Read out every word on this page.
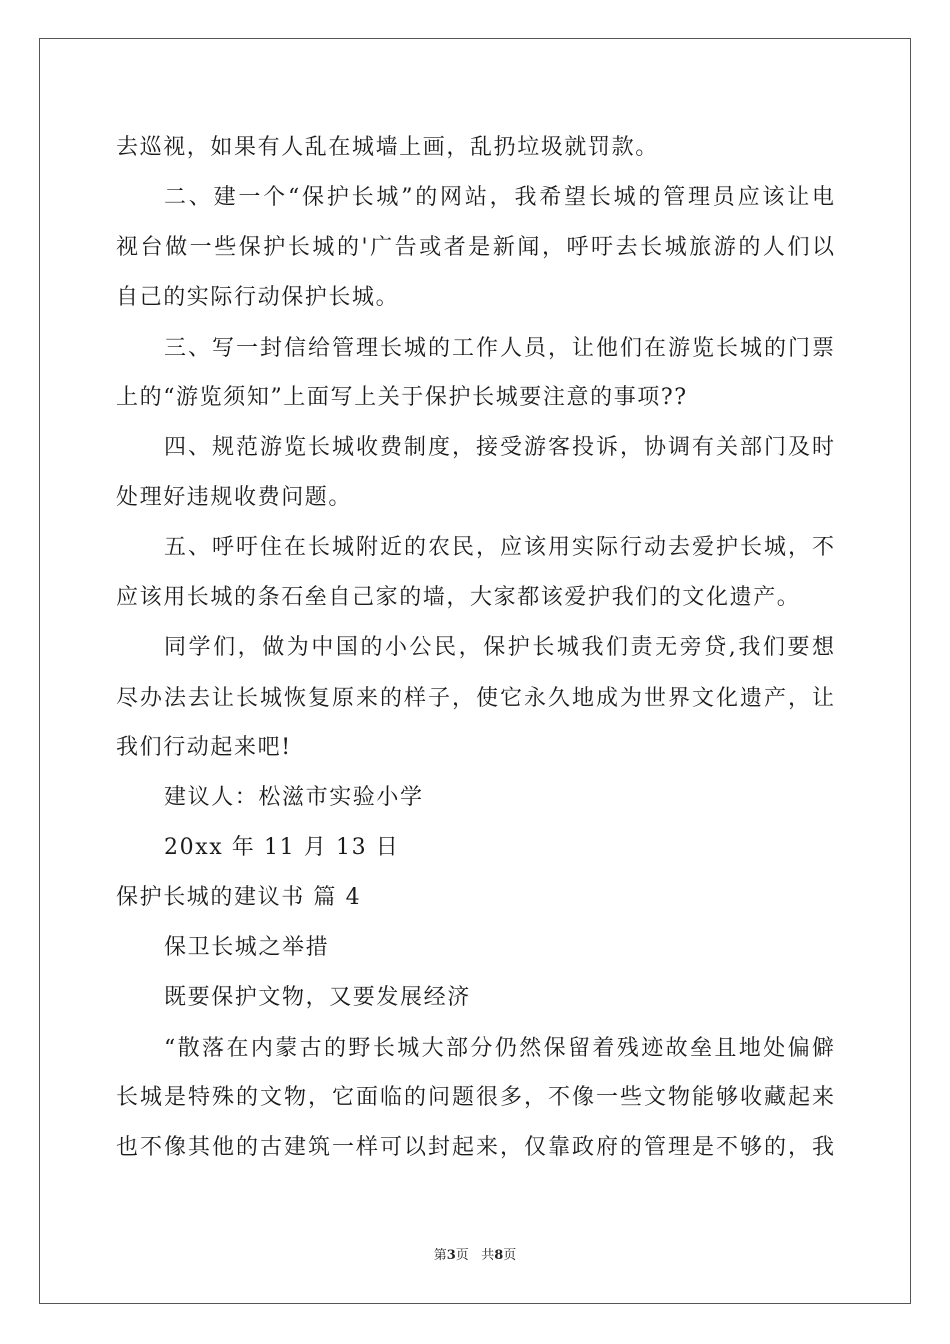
去巡视，如果有人乱在城墙上画，乱扔垃圾就罚款。
二、建一个“保护长城”的网站，我希望长城的管理员应该让电
视台做一些保护长城的'广告或者是新闻，呼吁去长城旅游的人们以
自己的实际行动保护长城。
三、写一封信给管理长城的工作人员，让他们在游览长城的门票
上的“游览须知”上面写上关于保护长城要注意的事项??
四、规范游览长城收费制度，接受游客投诉，协调有关部门及时
处理好违规收费问题。
五、呼吁住在长城附近的农民，应该用实际行动去爱护长城，不
应该用长城的条石垒自己家的墙，大家都该爱护我们的文化遗产。
同学们，做为中国的小公民，保护长城我们责无旁贷,我们要想
尽办法去让长城恢复原来的样子，使它永久地成为世界文化遗产，让
我们行动起来吧!
建议人：松滋市实验小学
20xx 年 11 月 13 日
保护长城的建议书 篇 4
保卫长城之举措
既要保护文物，又要发展经济
“散落在内蒙古的野长城大部分仍然保留着残迹故垒且地处偏僻
长城是特殊的文物，它面临的问题很多，不像一些文物能够收藏起来
也不像其他的古建筑一样可以封起来，仅靠政府的管理是不够的，我
第3页 共8页
